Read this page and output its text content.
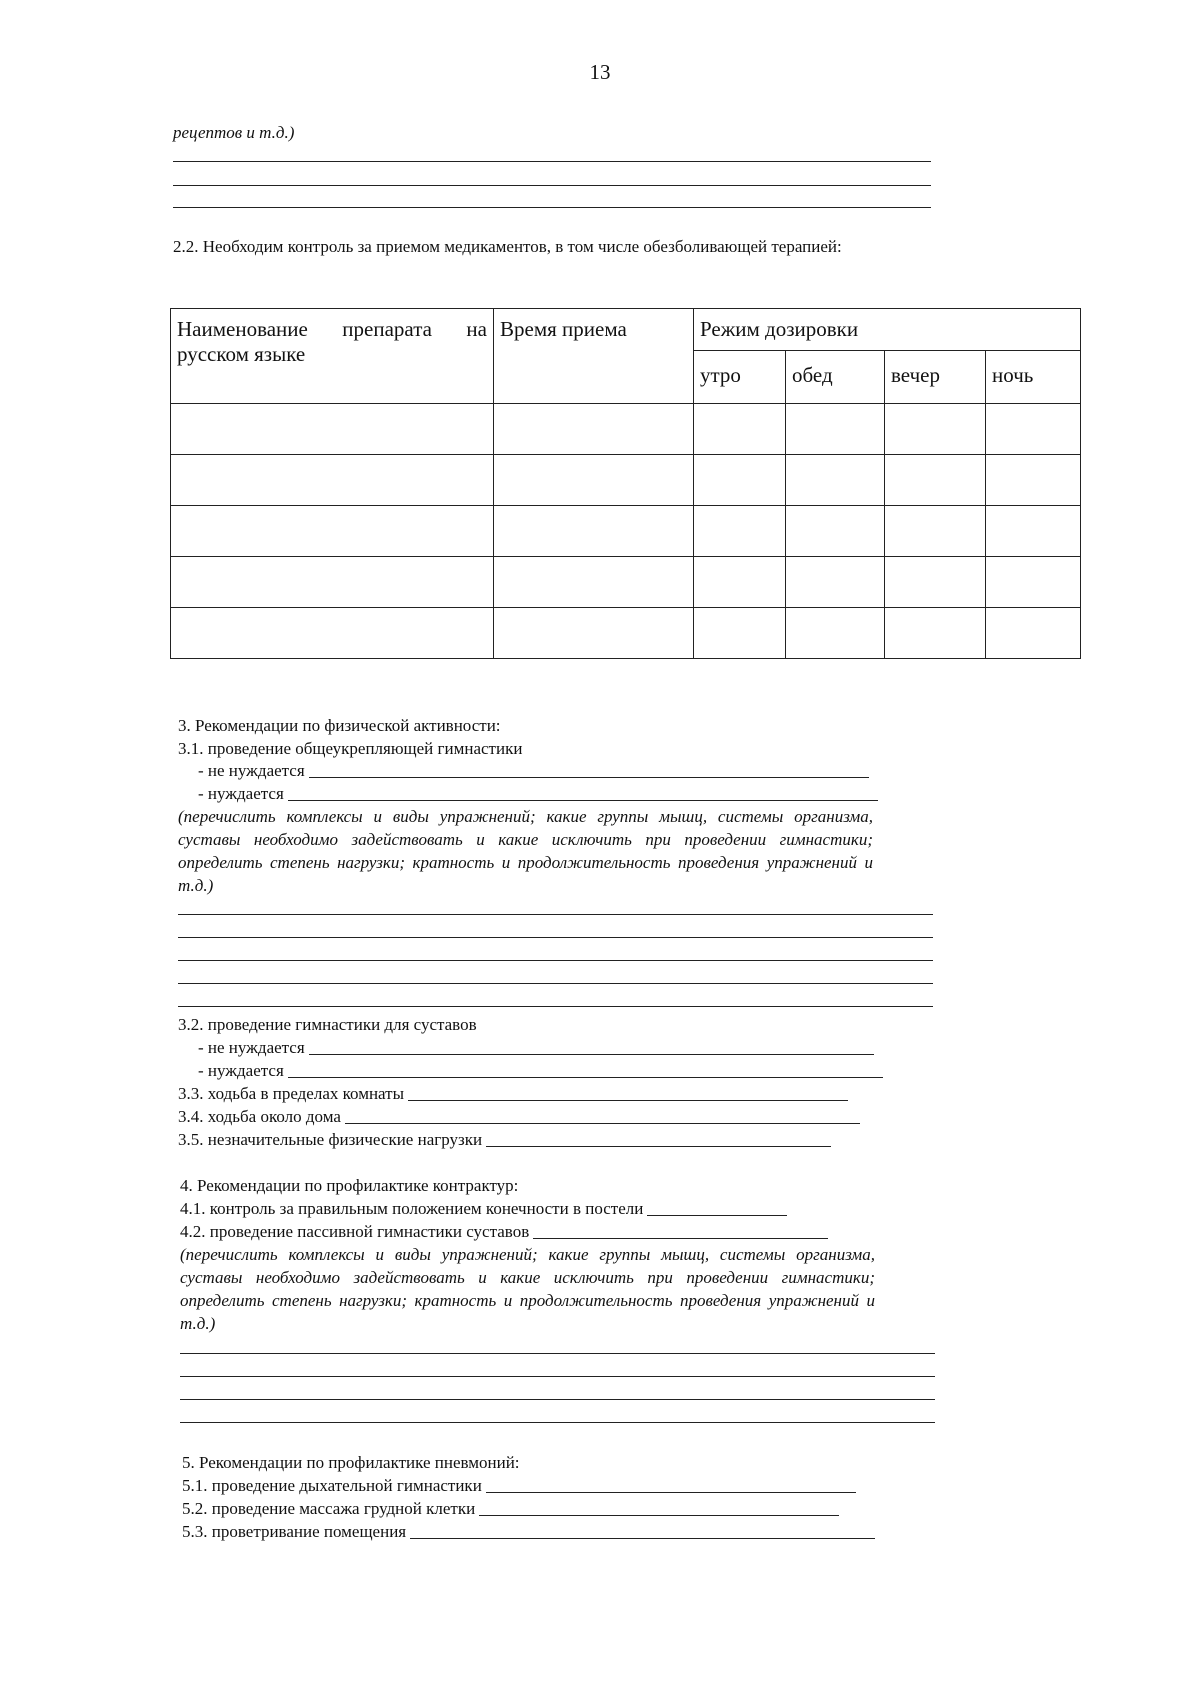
13
рецептов и т.д.)
2.2. Необходим контроль за приемом медикаментов, в том числе обезболивающей терапией:
Наименование препарата на русском языке	Время приема	Режим дозировки			
		утро	обед	вечер	ночь

3. Рекомендации по физической активности:
3.1. проведение общеукрепляющей гимнастики
- не нуждается
- нуждается
(перечислить комплексы и виды упражнений; какие группы мышц, системы организма, суставы необходимо задействовать и какие исключить при проведении гимнастики; определить степень нагрузки; кратность и продолжительность проведения упражнений и т.д.)
3.2. проведение гимнастики для суставов
- не нуждается
- нуждается
3.3. ходьба в пределах комнаты
3.4. ходьба около дома
3.5. незначительные физические нагрузки
4. Рекомендации по профилактике контрактур:
4.1. контроль за правильным положением конечности в постели
4.2. проведение пассивной гимнастики суставов
(перечислить комплексы и виды упражнений; какие группы мышц, системы организма, суставы необходимо задействовать и какие исключить при проведении гимнастики; определить степень нагрузки; кратность и продолжительность проведения упражнений и т.д.)
5. Рекомендации по профилактике пневмоний:
5.1. проведение дыхательной гимнастики
5.2. проведение массажа грудной клетки
5.3. проветривание помещения
